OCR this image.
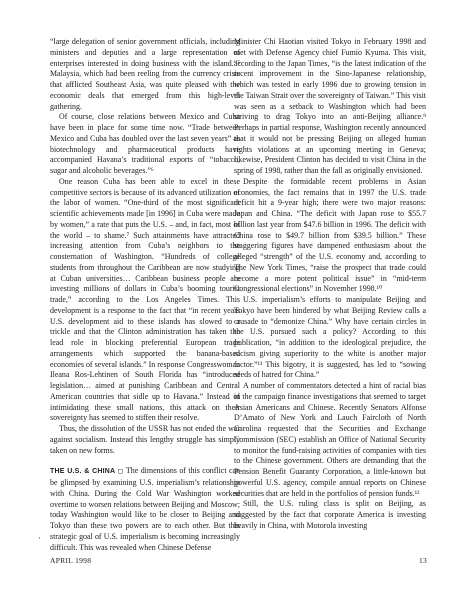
“large delegation of senior government officials, including ministers and deputies and a large representation of enterprises interested in doing business with the island.”⁵ Malaysia, which had been reeling from the currency crisis that afflicted Southeast Asia, was quite pleased with the economic deals that emerged from this high-level gathering.

Of course, close relations between Mexico and Cuba have been in place for some time now. “Trade between Mexico and Cuba has doubled over the last seven years” as biotechnology and pharmaceutical products have accompanied Havana’s traditional exports of “tobacco, sugar and alcoholic beverages.”⁶

One reason Cuba has been able to excel in these competitive sectors is because of its advanced utilization of the labor of women. “One-third of the most significant scientific achievements made [in 1996] in Cuba were made by women,” a rate that puts the U.S. – and, in fact, most of the world – to shame.⁷ Such attainments have attracted increasing attention from Cuba’s neighbors to the consternation of Washington. “Hundreds of college students from throughout the Caribbean are now studying at Cuban universities… Caribbean business people are investing millions of dollars in Cuba’s booming tourist trade,” according to the Los Angeles Times. This development is a response to the fact that “in recent years U.S. development aid to these islands has slowed to a trickle and that the Clinton administration has taken the lead role in blocking preferential European trade arrangements which supported the banana-based economies of several islands.” In response Congresswoman Ileana Ros-Lehtinen of South Florida has “introduced legislation… aimed at punishing Caribbean and Central American countries that sidle up to Havana.” Instead of intimidating these small nations, this attack on their sovereignty has seemed to stiffen their resolve.

Thus, the dissolution of the USSR has not ended the war against socialism. Instead this lengthy struggle has simply taken on new forms.

THE U.S. & CHINA ◻ The dimensions of this conflict can be glimpsed by examining U.S. imperialism’s relationship with China. During the Cold War Washington worked overtime to worsen relations between Beijing and Moscow; today Washington would like to be closer to Beijing and Tokyo than these two powers are to each other. But this strategic goal of U.S. imperialism is becoming increasingly difficult. This was revealed when Chinese Defense

Minister Chi Haotian visited Tokyo in February 1998 and met with Defense Agency chief Fumio Kyuma. This visit, according to the Japan Times, “is the latest indication of the recent improvement in the Sino-Japanese relationship, which was tested in early 1996 due to growing tension in the Taiwan Strait over the sovereignty of Taiwan.” This visit was seen as a setback to Washington which had been striving to drag Tokyo into an anti-Beijing alliance.⁹ Perhaps in partial response, Washington recently announced that it would not be pressing Beijing on alleged human rights violations at an upcoming meeting in Geneva; likewise, President Clinton has decided to visit China in the spring of 1998, rather than the fall as originally envisioned.

Despite the formidable recent problems in Asian economies, the fact remains that in 1997 the U.S. trade deficit hit a 9-year high; there were two major reasons: Japan and China. “The deficit with Japan rose to $55.7 billion last year from $47.6 billion in 1996. The deficit with China rose to $49.7 billion from $39.5 billion.” These staggering figures have dampened enthusiasm about the alleged “strength” of the U.S. economy and, according to The New York Times, “raise the prospect that trade could become a more potent political issue” in “mid-term Congressional elections” in November 1998.¹⁰

U.S. imperialism’s efforts to manipulate Beijing and Tokyo have been hindered by what Beijing Review calls a crusade to “demonize China.” Why have certain circles in the U.S. pursued such a policy? According to this publication, “in addition to the ideological prejudice, the racism giving superiority to the white is another major factor.”¹¹ This bigotry, it is suggested, has led to “sowing seeds of hatred for China.”

A number of commentators detected a hint of racial bias in the campaign finance investigations that seemed to target Asian Americans and Chinese. Recently Senators Alfonse D’Amato of New York and Lauch Faircloth of North Carolina requested that the Securities and Exchange Commission (SEC) establish an Office of National Security to monitor the fund-raising activities of companies with ties to the Chinese government. Others are demanding that the Pension Benefit Guaranty Corporation, a little-known but powerful U.S. agency, compile annual reports on Chinese securities that are held in the portfolios of pension funds.¹²

Still, the U.S. ruling class is split on Beijing, as suggested by the fact that corporate America is investing heavily in China, with Motorola investing

·
APRIL 1998	13
